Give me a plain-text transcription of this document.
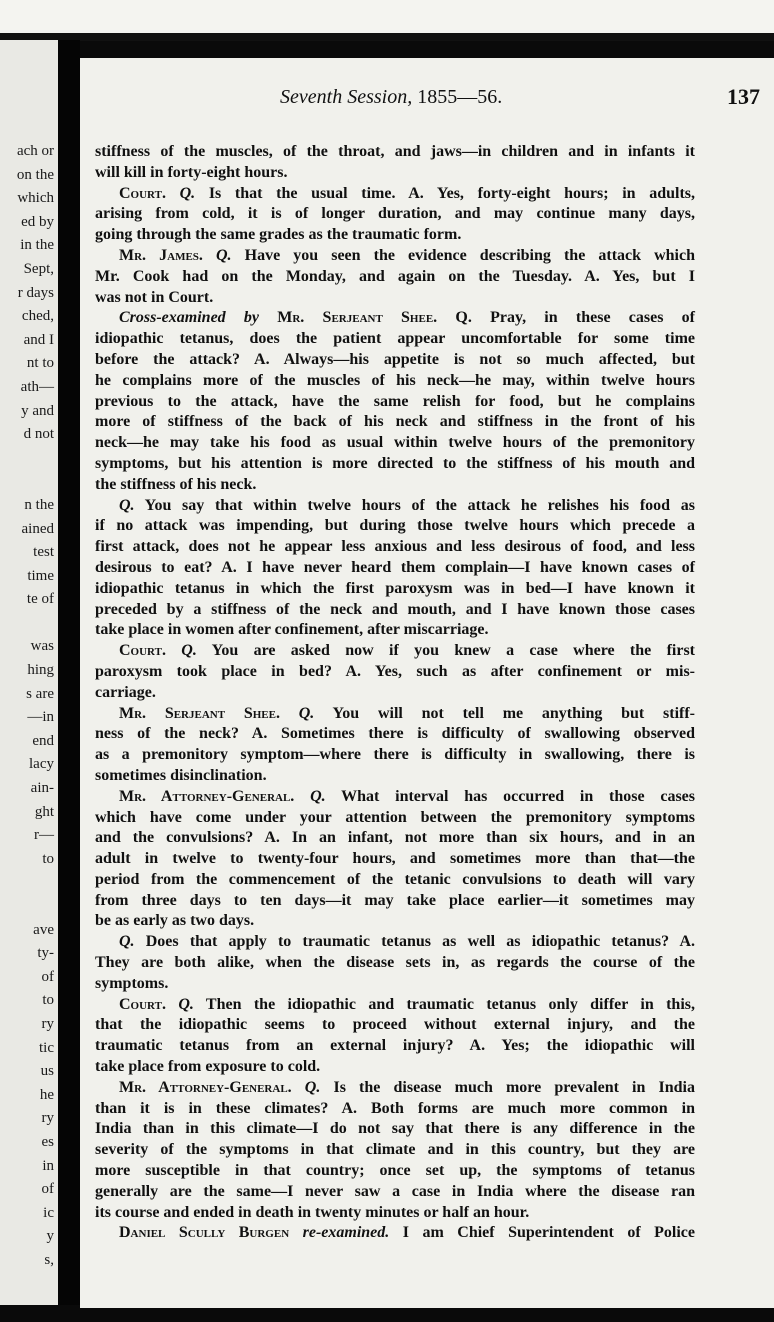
ach or
on the
which
ed by
in the
Sept,
r days
ched,
and I
nt to
ath—
y and
d not

n the
ained
test
time
te of

was
hing
s are
—in
end
lacy
ain-
ght
r—
to

ave
ty-
of
to
ry
tic
us
he
ry
es
in
of
ic
y
s,
Seventh Session, 1855—56.	137
stiffness of the muscles, of the throat, and jaws—in children and in infants it
will kill in forty-eight hours.
Court. Q. Is that the usual time. A. Yes, forty-eight hours; in adults,
arising from cold, it is of longer duration, and may continue many days,
going through the same grades as the traumatic form.
Mr. James. Q. Have you seen the evidence describing the attack which
Mr. Cook had on the Monday, and again on the Tuesday. A. Yes, but I
was not in Court.
Cross-examined by Mr. Serjeant Shee. Q. Pray, in these cases of
idiopathic tetanus, does the patient appear uncomfortable for some time
before the attack? A. Always—his appetite is not so much affected, but
he complains more of the muscles of his neck—he may, within twelve hours
previous to the attack, have the same relish for food, but he complains
more of stiffness of the back of his neck and stiffness in the front of his
neck—he may take his food as usual within twelve hours of the premonitory
symptoms, but his attention is more directed to the stiffness of his mouth and
the stiffness of his neck.
Q. You say that within twelve hours of the attack he relishes his food as
if no attack was impending, but during those twelve hours which precede a
first attack, does not he appear less anxious and less desirous of food, and less
desirous to eat? A. I have never heard them complain—I have known cases of
idiopathic tetanus in which the first paroxysm was in bed—I have known it
preceded by a stiffness of the neck and mouth, and I have known those cases
take place in women after confinement, after miscarriage.
Court. Q. You are asked now if you knew a case where the first
paroxysm took place in bed? A. Yes, such as after confinement or mis-
carriage.
Mr. Serjeant Shee. Q. You will not tell me anything but stiff-
ness of the neck? A. Sometimes there is difficulty of swallowing observed
as a premonitory symptom—where there is difficulty in swallowing, there is
sometimes disinclination.
Mr. Attorney-General. Q. What interval has occurred in those cases
which have come under your attention between the premonitory symptoms
and the convulsions? A. In an infant, not more than six hours, and in an
adult in twelve to twenty-four hours, and sometimes more than that—the
period from the commencement of the tetanic convulsions to death will vary
from three days to ten days—it may take place earlier—it sometimes may
be as early as two days.
Q. Does that apply to traumatic tetanus as well as idiopathic tetanus? A.
They are both alike, when the disease sets in, as regards the course of the
symptoms.
Court. Q. Then the idiopathic and traumatic tetanus only differ in this,
that the idiopathic seems to proceed without external injury, and the
traumatic tetanus from an external injury? A. Yes; the idiopathic will
take place from exposure to cold.
Mr. Attorney-General. Q. Is the disease much more prevalent in India
than it is in these climates? A. Both forms are much more common in
India than in this climate—I do not say that there is any difference in the
severity of the symptoms in that climate and in this country, but they are
more susceptible in that country; once set up, the symptoms of tetanus
generally are the same—I never saw a case in India where the disease ran
its course and ended in death in twenty minutes or half an hour.
Daniel Scully Burgen re-examined. I am Chief Superintendent of Police
